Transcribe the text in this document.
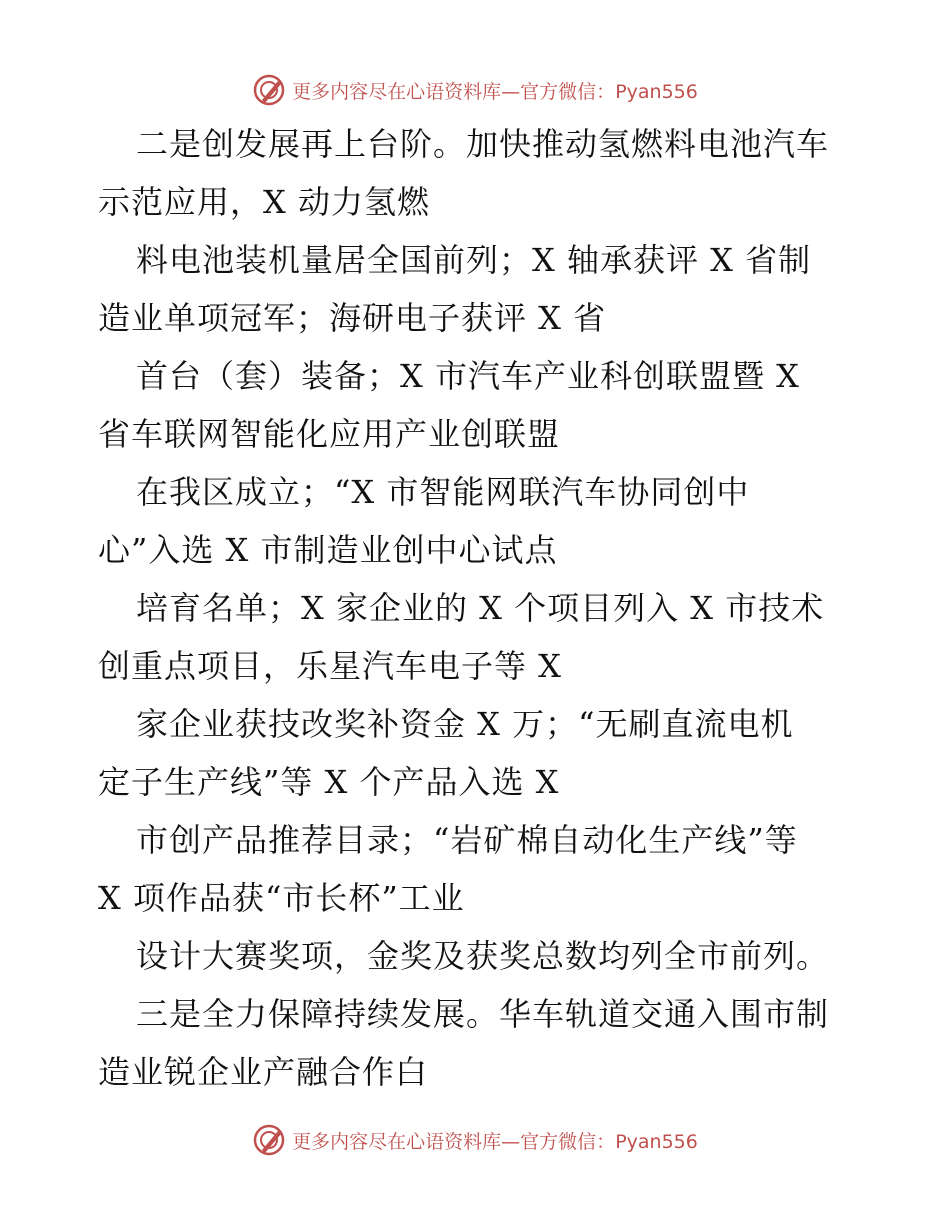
更多内容尽在心语资料库—官方微信：Pyan556

二是创发展再上台阶。加快推动氢燃料电池汽车
示范应用，X 动力氢燃

料电池装机量居全国前列；X 轴承获评 X 省制
造业单项冠军；海研电子获评 X 省

首台（套）装备；X 市汽车产业科创联盟暨 X
省车联网智能化应用产业创联盟

在我区成立；“X 市智能网联汽车协同创中
心”入选 X 市制造业创中心试点

培育名单；X 家企业的 X 个项目列入 X 市技术
创重点项目，乐星汽车电子等 X

家企业获技改奖补资金 X 万；“无刷直流电机
定子生产线”等 X 个产品入选 X

市创产品推荐目录；“岩矿棉自动化生产线”等
X 项作品获“市长杯”工业

设计大赛奖项，金奖及获奖总数均列全市前列。

三是全力保障持续发展。华车轨道交通入围市制
造业锐企业产融合作白

更多内容尽在心语资料库—官方微信：Pyan556
